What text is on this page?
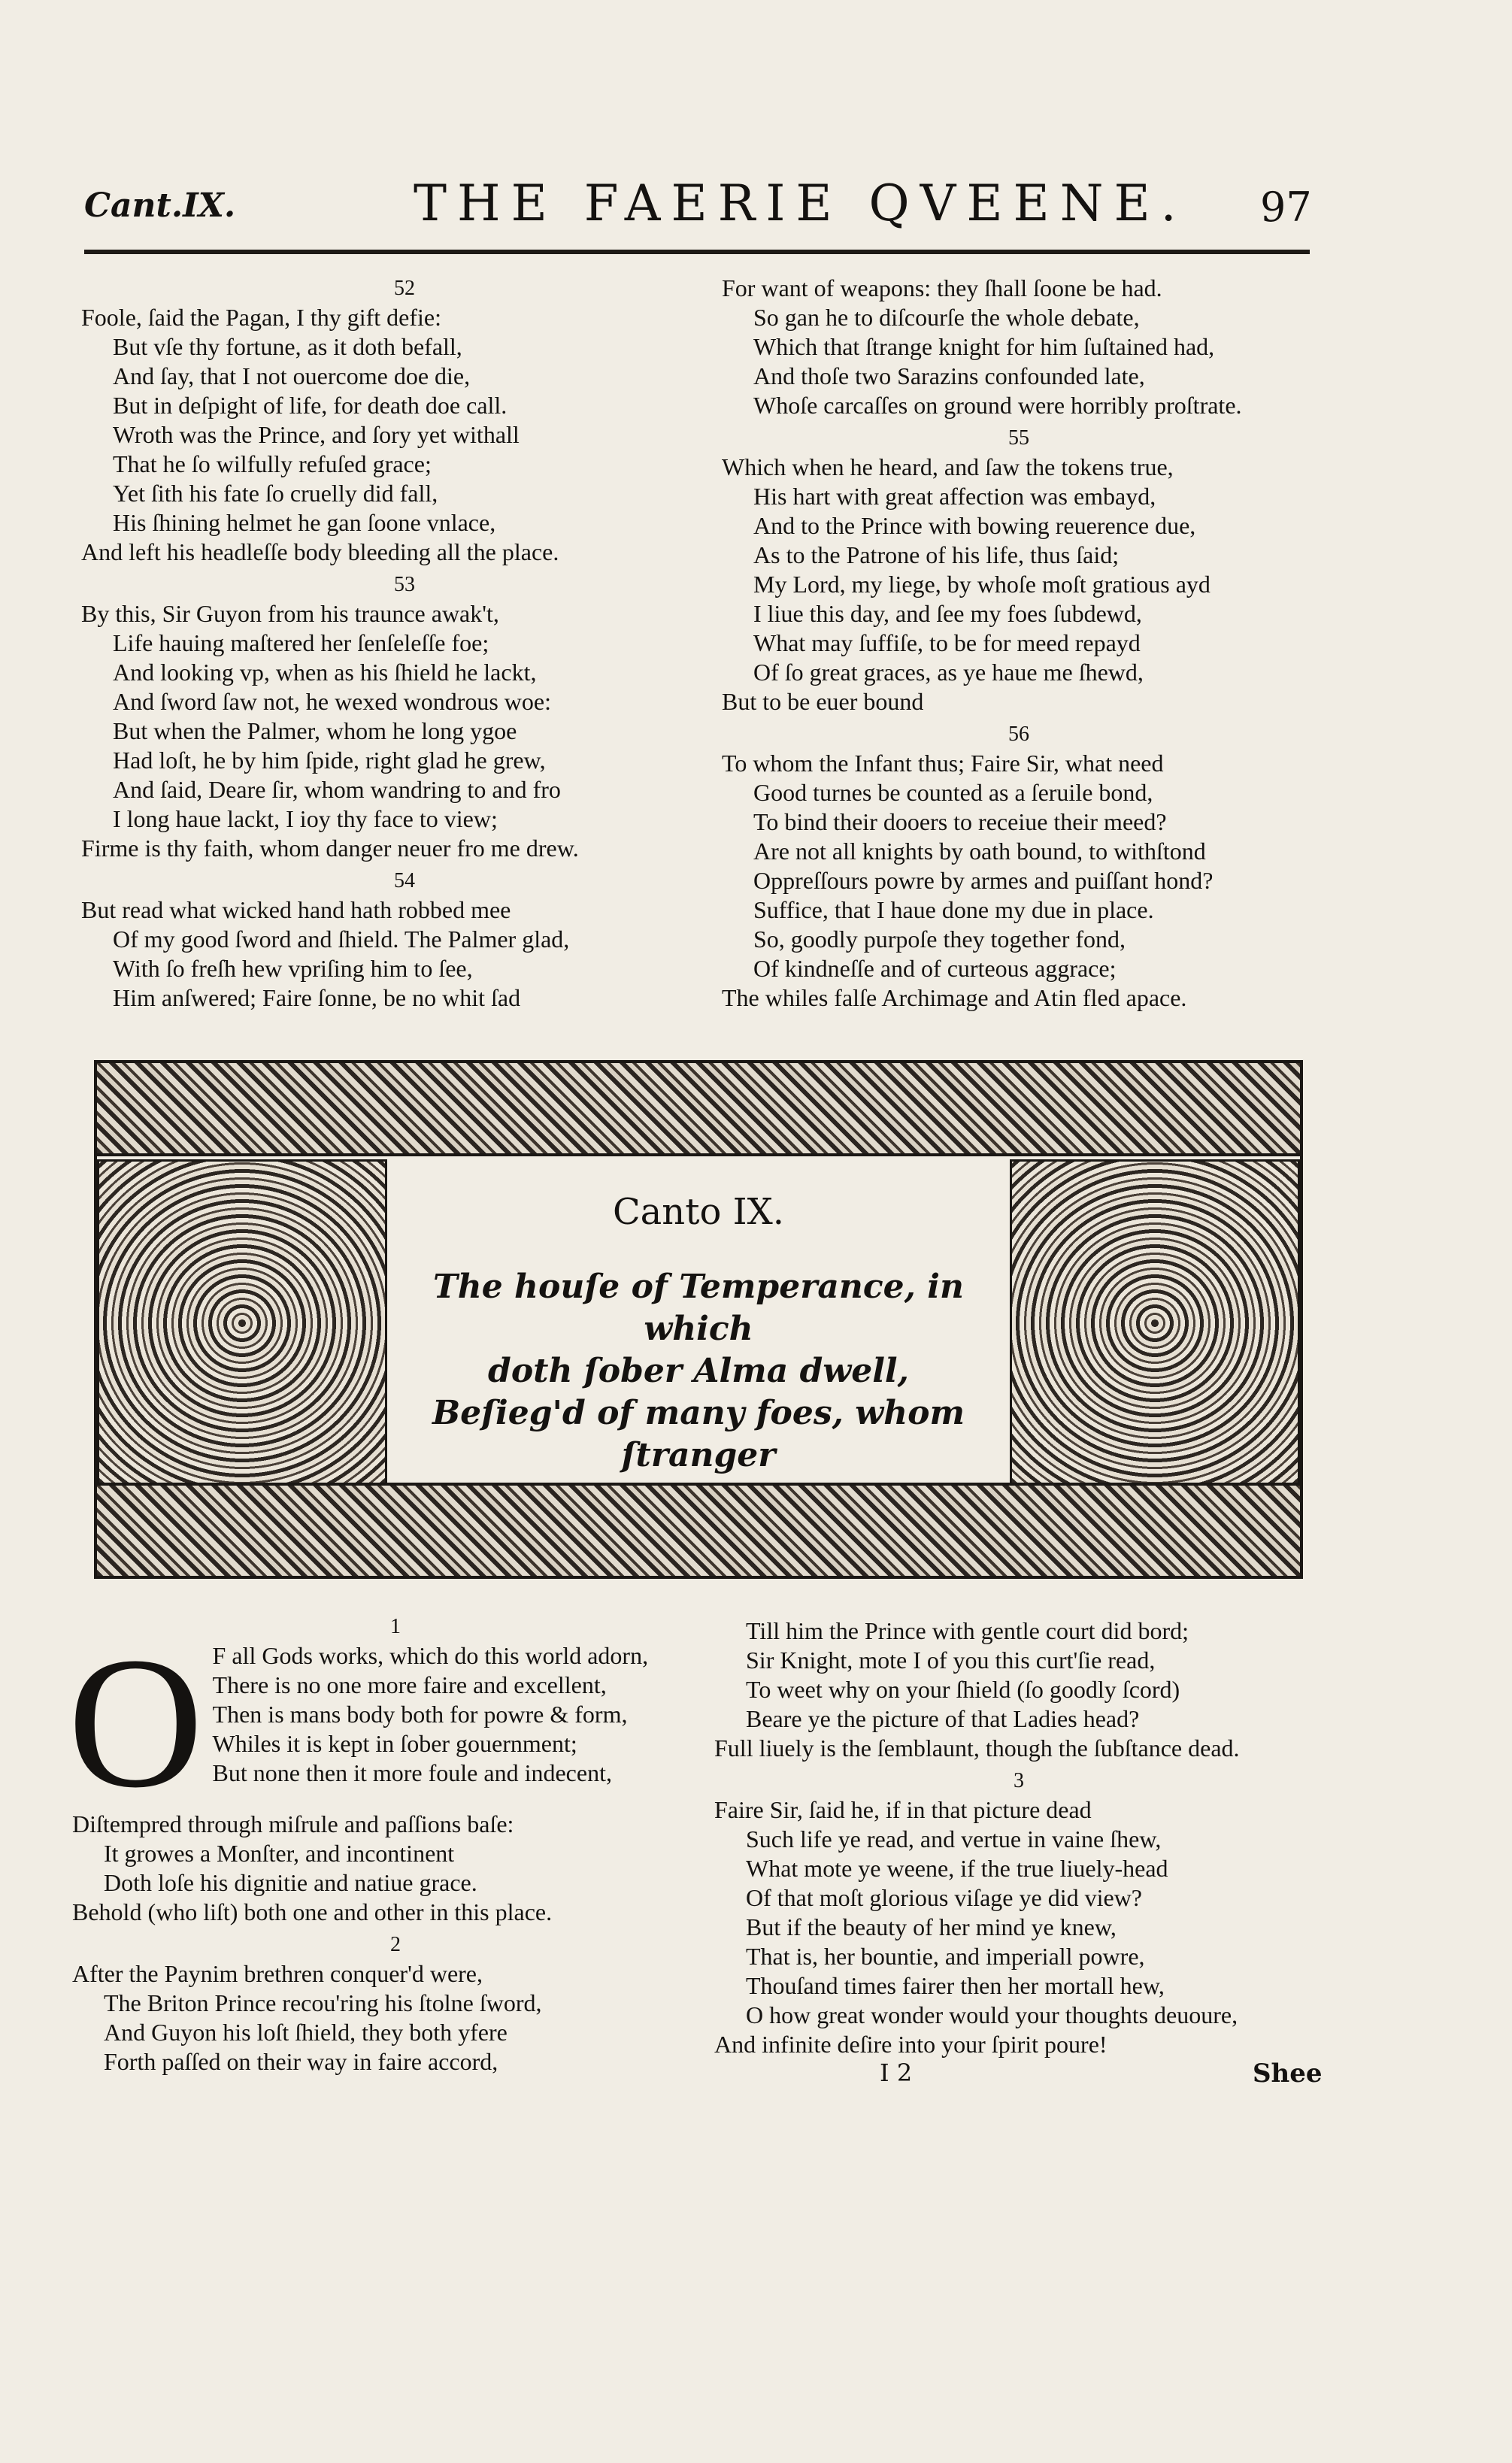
Cant.IX.	THE FAERIE QVEENE. 97
52
Foole, ſaid the Pagan, I thy gift defie:
But vſe thy fortune, as it doth befall,
And ſay, that I not ouercome doe die,
But in deſpight of life, for death doe call.
Wroth was the Prince, and ſory yet withall
That he ſo wilfully refuſed grace;
Yet ſith his fate ſo cruelly did fall,
His ſhining helmet he gan ſoone vnlace,
And left his headleſſe body bleeding all the place.
53
By this, Sir Guyon from his traunce awak't,
Life hauing maſtered her ſenſeleſſe foe;
And looking vp, when as his ſhield he lackt,
And ſword ſaw not, he wexed wondrous woe:
But when the Palmer, whom he long ygoe
Had loſt, he by him ſpide, right glad he grew,
And ſaid, Deare ſir, whom wandring to and fro
I long haue lackt, I ioy thy face to view;
Firme is thy faith, whom danger neuer fro me drew.
54
But read what wicked hand hath robbed mee
Of my good ſword and ſhield. The Palmer glad,
With ſo freſh hew vpriſing him to ſee,
Him anſwered; Faire ſonne, be no whit ſad
For want of weapons: they ſhall ſoone be had.
So gan he to diſcourſe the whole debate,
Which that ſtrange knight for him ſuſtained had,
And thoſe two Sarazins confounded late,
Whoſe carcaſſes on ground were horribly proſtrate.
55
Which when he heard, and ſaw the tokens true,
His hart with great affection was embayd,
And to the Prince with bowing reuerence due,
As to the Patrone of his life, thus ſaid;
My Lord, my liege, by whoſe moſt gratious ayd
I liue this day, and ſee my foes ſubdewd,
What may ſuffiſe, to be for meed repayd
Of ſo great graces, as ye haue me ſhewd,
But to be euer bound
56
To whom the Infant thus; Faire Sir, what need
Good turnes be counted as a ſeruile bond,
To bind their dooers to receiue their meed?
Are not all knights by oath bound, to withſtond
Oppreſſours powre by armes and puiſſant hond?
Suffice, that I haue done my due in place.
So, goodly purpoſe they together fond,
Of kindneſſe and of curteous aggrace;
The whiles falſe Archimage and Atin fled apace.
Canto IX.
The houſe of Temperance, in which
doth ſober Alma dwell,
Beſieg'd of many foes, whom ſtranger
1
O F all Gods works, which do this world adorn,
There is no one more faire and excellent,
Then is mans body both for powre & form,
Whiles it is kept in ſober gouernment;
But none then it more foule and indecent,
Diſtempred through miſrule and paſſions baſe:
It growes a Monſter, and incontinent
Doth loſe his dignitie and natiue grace.
Behold (who liſt) both one and other in this place.
2
After the Paynim brethren conquer'd were,
The Briton Prince recou'ring his ſtolne ſword,
And Guyon his loſt ſhield, they both yfere
Forth paſſed on their way in faire accord,
Till him the Prince with gentle court did bord;
Sir Knight, mote I of you this curt'ſie read,
To weet why on your ſhield (ſo goodly ſcord)
Beare ye the picture of that Ladies head?
Full liuely is the ſemblaunt, though the ſubſtance dead.
3
Faire Sir, ſaid he, if in that picture dead
Such life ye read, and vertue in vaine ſhew,
What mote ye weene, if the true liuely-head
Of that moſt glorious viſage ye did view?
But if the beauty of her mind ye knew,
That is, her bountie, and imperiall powre,
Thouſand times fairer then her mortall hew,
O how great wonder would your thoughts deuoure,
And infinite deſire into your ſpirit poure!
I 2	Shee
